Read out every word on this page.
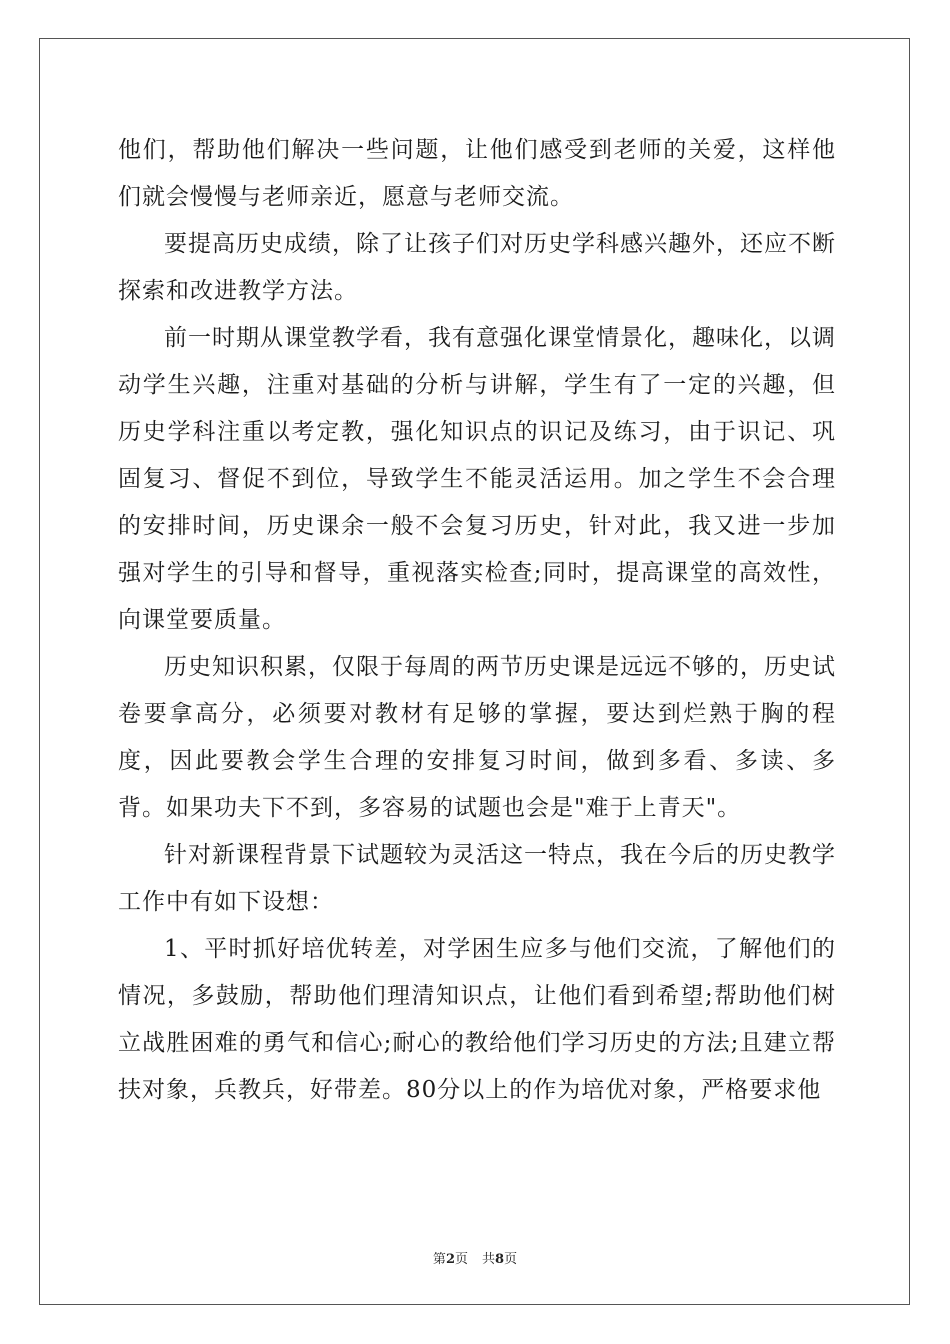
他们，帮助他们解决一些问题，让他们感受到老师的关爱，这样他们就会慢慢与老师亲近，愿意与老师交流。

要提高历史成绩，除了让孩子们对历史学科感兴趣外，还应不断探索和改进教学方法。

前一时期从课堂教学看，我有意强化课堂情景化，趣味化，以调动学生兴趣，注重对基础的分析与讲解，学生有了一定的兴趣，但历史学科注重以考定教，强化知识点的识记及练习，由于识记、巩固复习、督促不到位，导致学生不能灵活运用。加之学生不会合理的安排时间，历史课余一般不会复习历史，针对此，我又进一步加强对学生的引导和督导，重视落实检查;同时，提高课堂的高效性，向课堂要质量。

历史知识积累，仅限于每周的两节历史课是远远不够的，历史试卷要拿高分，必须要对教材有足够的掌握，要达到烂熟于胸的程度，因此要教会学生合理的安排复习时间，做到多看、多读、多背。如果功夫下不到，多容易的试题也会是"难于上青天"。

针对新课程背景下试题较为灵活这一特点，我在今后的历史教学工作中有如下设想：

1、平时抓好培优转差，对学困生应多与他们交流，了解他们的情况，多鼓励，帮助他们理清知识点，让他们看到希望;帮助他们树立战胜困难的勇气和信心;耐心的教给他们学习历史的方法;且建立帮扶对象，兵教兵，好带差。80分以上的作为培优对象，严格要求他

第2页 共8页
